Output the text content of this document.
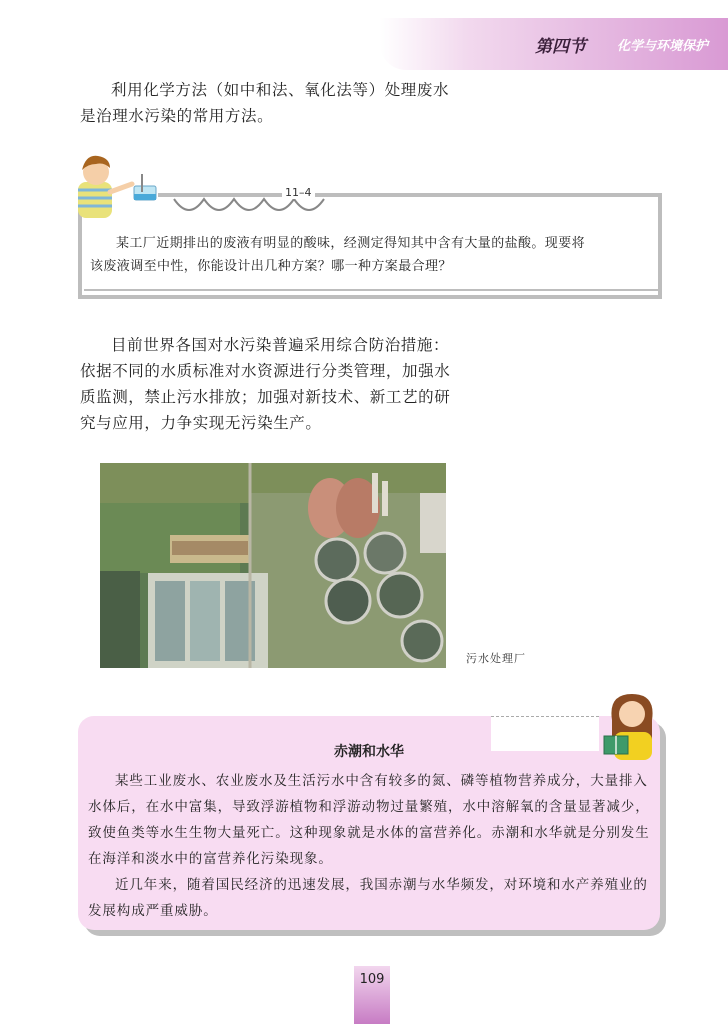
第四节 化学与环境保护

利用化学方法（如中和法、氧化法等）处理废水

是治理水污染的常用方法。

11–4

某工厂近期排出的废液有明显的酸味，经测定得知其中含有大量的盐酸。现要将

该废液调至中性，你能设计出几种方案？哪一种方案最合理？

目前世界各国对水污染普遍采用综合防治措施：

依据不同的水质标准对水资源进行分类管理，加强水

质监测，禁止污水排放；加强对新技术、新工艺的研

究与应用，力争实现无污染生产。

污水处理厂
赤潮和水华

某些工业废水、农业废水及生活污水中含有较多的氮、磷等植物营养成分，大量排入水体后，在水中富集，导致浮游植物和浮游动物过量繁殖，水中溶解氧的含量显著减少，致使鱼类等水生生物大量死亡。这种现象就是水体的富营养化。赤潮和水华就是分别发生在海洋和淡水中的富营养化污染现象。

近几年来，随着国民经济的迅速发展，我国赤潮与水华频发，对环境和水产养殖业的发展构成严重威胁。

109
